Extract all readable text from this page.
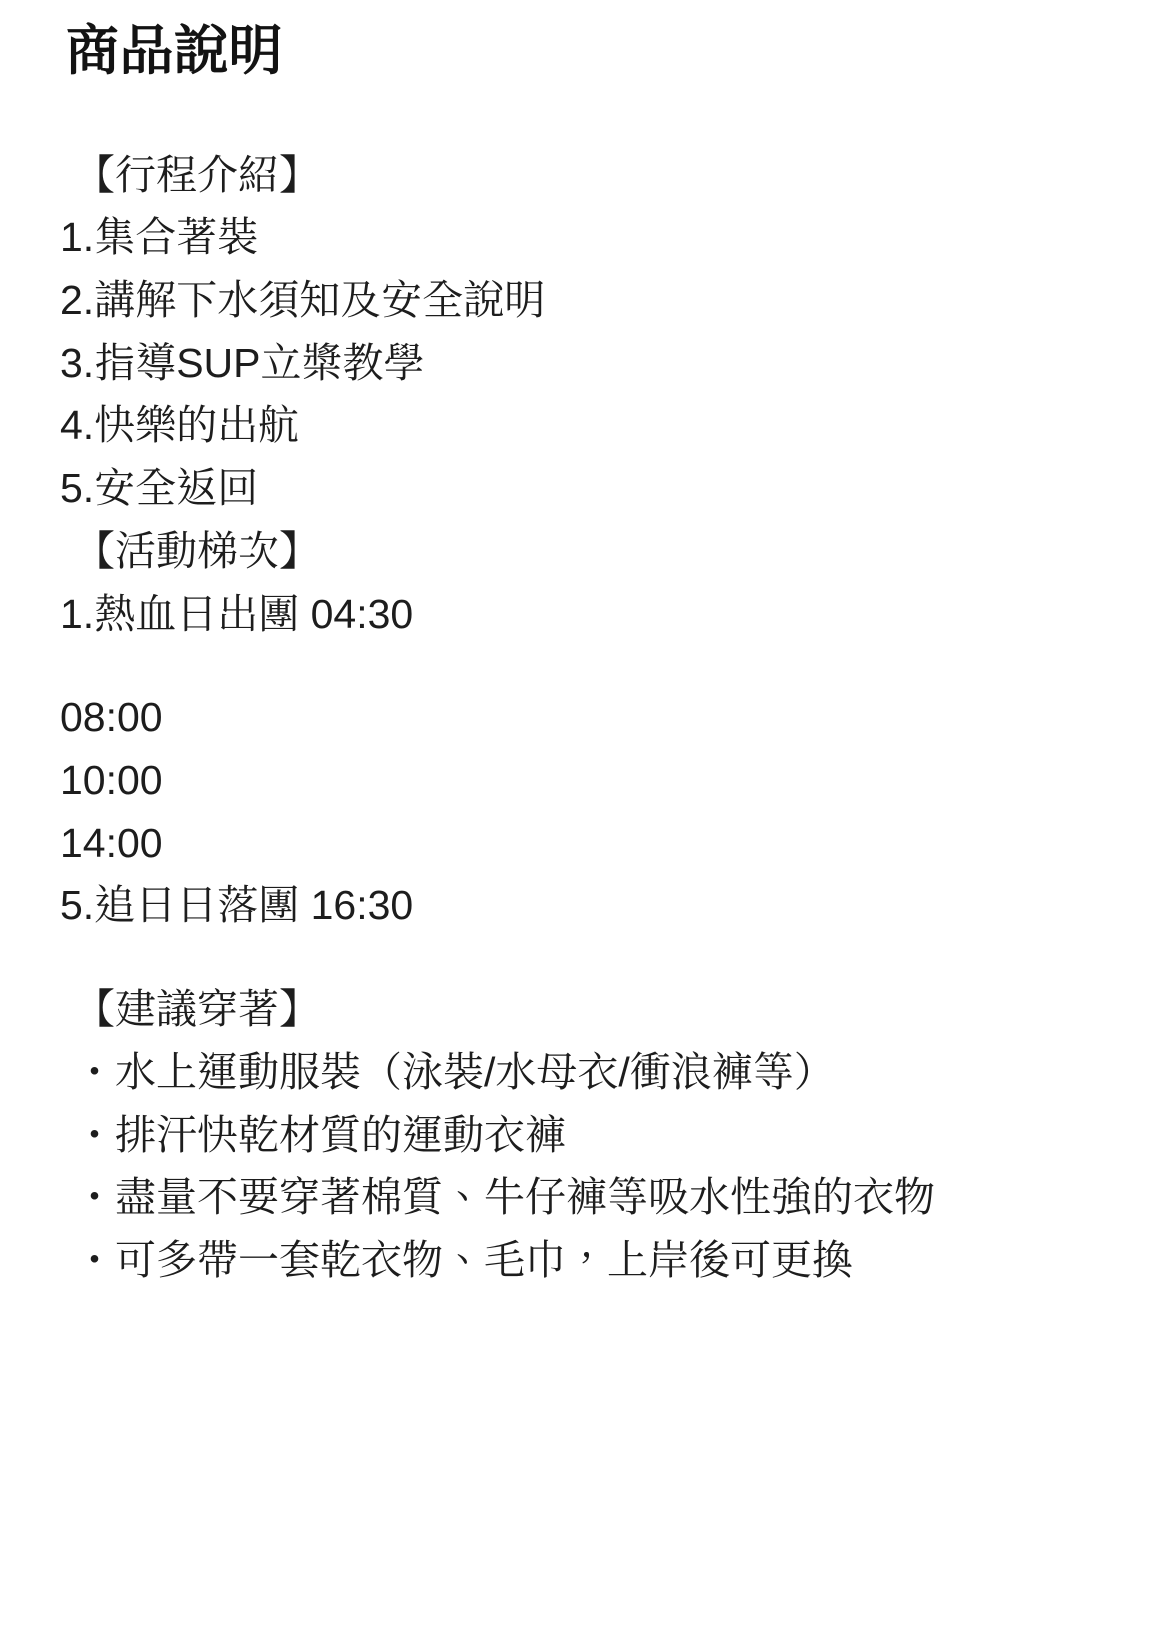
商品說明
【行程介紹】
1.集合著裝
2.講解下水須知及安全說明
3.指導SUP立槳教學
4.快樂的出航
5.安全返回
【活動梯次】
1.熱血日出團 04:30
08:00
10:00
14:00
5.追日日落團 16:30
【建議穿著】
・水上運動服裝（泳裝/水母衣/衝浪褲等）
・排汗快乾材質的運動衣褲
・盡量不要穿著棉質、牛仔褲等吸水性強的衣物
・可多帶一套乾衣物、毛巾，上岸後可更換
